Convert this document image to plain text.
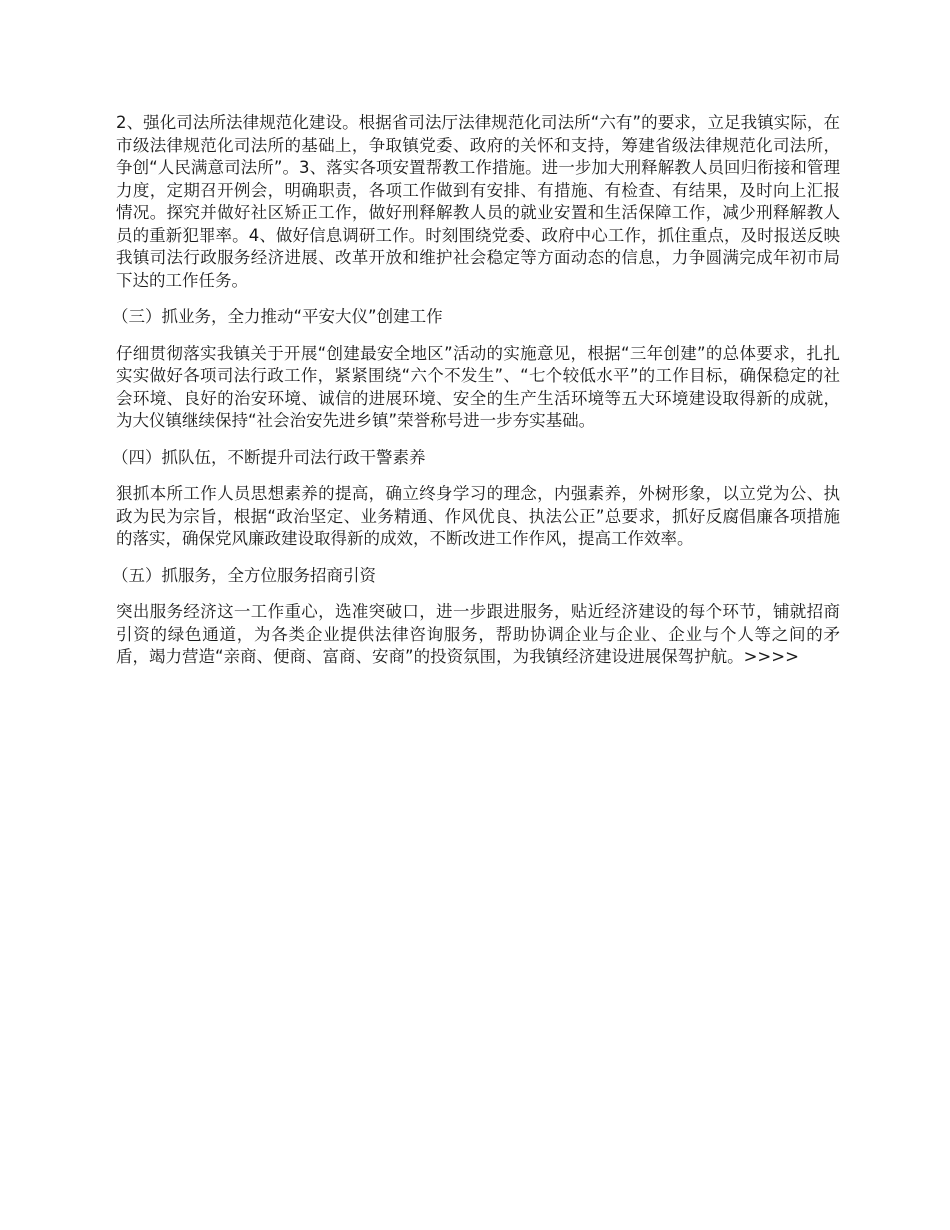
2、强化司法所法律规范化建设。根据省司法厅法律规范化司法所“六有”的要求，立足我镇实际，在市级法律规范化司法所的基础上，争取镇党委、政府的关怀和支持，筹建省级法律规范化司法所，争创“人民满意司法所”。3、落实各项安置帮教工作措施。进一步加大刑释解教人员回归衔接和管理力度，定期召开例会，明确职责，各项工作做到有安排、有措施、有检查、有结果，及时向上汇报情况。探究并做好社区矫正工作，做好刑释解教人员的就业安置和生活保障工作，减少刑释解教人员的重新犯罪率。4、做好信息调研工作。时刻围绕党委、政府中心工作，抓住重点，及时报送反映我镇司法行政服务经济进展、改革开放和维护社会稳定等方面动态的信息，力争圆满完成年初市局下达的工作任务。

（三）抓业务，全力推动“平安大仪”创建工作

仔细贯彻落实我镇关于开展“创建最安全地区”活动的实施意见，根据“三年创建”的总体要求，扎扎实实做好各项司法行政工作，紧紧围绕“六个不发生”、“七个较低水平”的工作目标，确保稳定的社会环境、良好的治安环境、诚信的进展环境、安全的生产生活环境等五大环境建设取得新的成就，为大仪镇继续保持“社会治安先进乡镇”荣誉称号进一步夯实基础。

（四）抓队伍，不断提升司法行政干警素养

狠抓本所工作人员思想素养的提高，确立终身学习的理念，内强素养，外树形象，以立党为公、执政为民为宗旨，根据“政治坚定、业务精通、作风优良、执法公正”总要求，抓好反腐倡廉各项措施的落实，确保党风廉政建设取得新的成效，不断改进工作作风，提高工作效率。

（五）抓服务，全方位服务招商引资

突出服务经济这一工作重心，选准突破口，进一步跟进服务，贴近经济建设的每个环节，铺就招商引资的绿色通道，为各类企业提供法律咨询服务，帮助协调企业与企业、企业与个人等之间的矛盾，竭力营造“亲商、便商、富商、安商”的投资氛围，为我镇经济建设进展保驾护航。>>>>
